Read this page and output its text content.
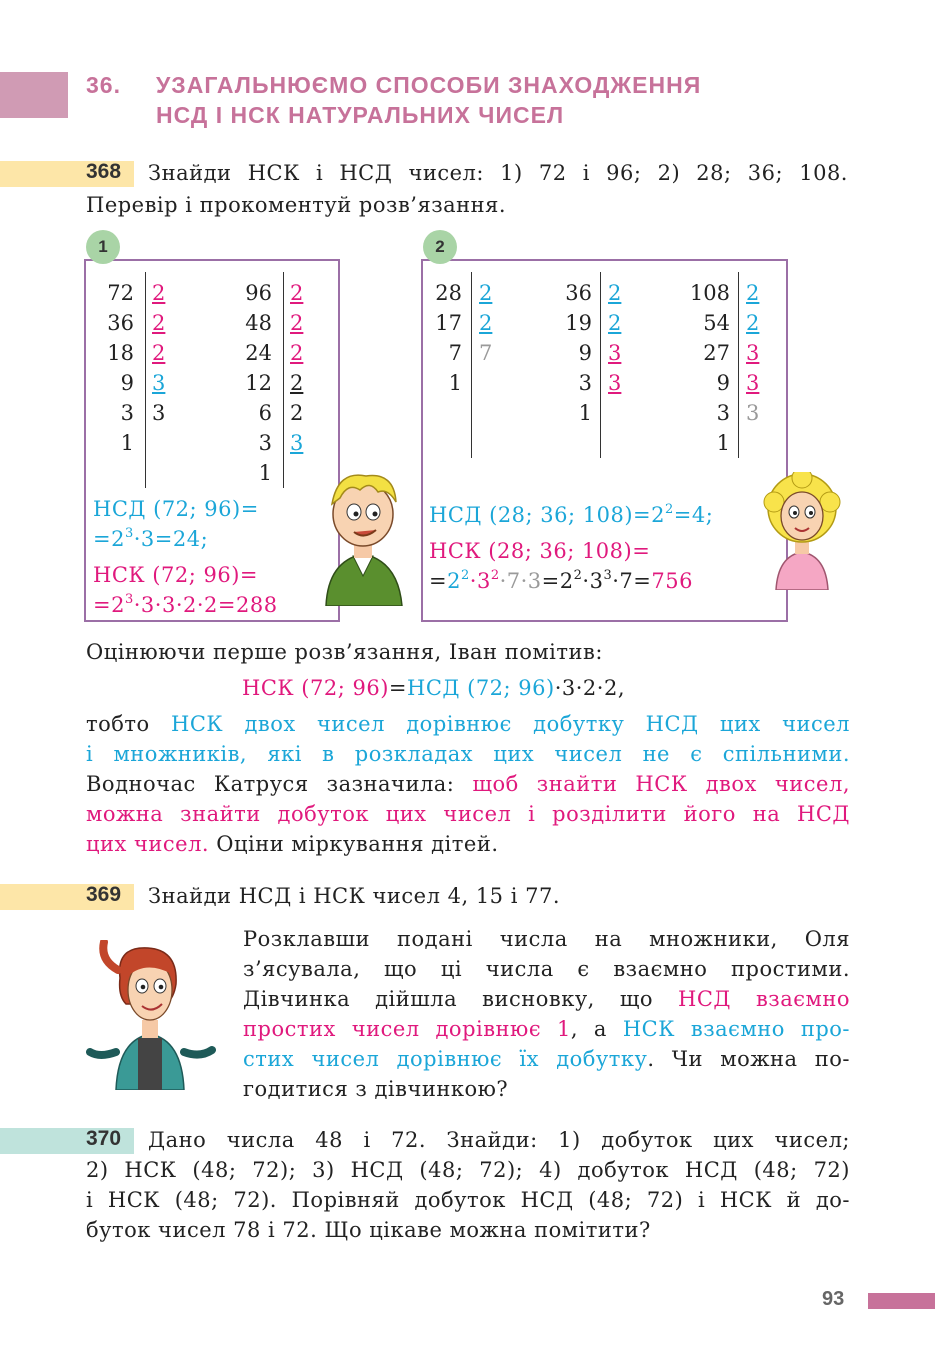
36. УЗАГАЛЬНЮЄМО СПОСОБИ ЗНАХОДЖЕННЯ
НСД І НСК НАТУРАЛЬНИХ ЧИСЕЛ
368 Знайди НСК і НСД чисел: 1) 72 і 96; 2) 28; 36; 108.
Перевір і прокоментуй розв’язання.
1
72
36
18
9
3
1
2
2
2
3
3
96
48
24
12
6
3
1
2
2
2
2
2
3
НСД (72; 96)=
$=2^3\cdot 3=24$;
НСК (72; 96)=
$=2^3\cdot 3\cdot 3\cdot 2\cdot 2=288$
2
28
17
7
1
2
2
7
36
19
9
3
1
2
2
3
3
108
54
27
9
3
1
2
2
3
3
3
НСД (28; 36; $108)=2^2=4$;
НСК (28; 36; 108)=
$=2^2\cdot 3^2\cdot 7\cdot 3=2^2\cdot 3^3\cdot 7=756$
Оцінюючи перше розв’язання, Іван помітив:
НСК (72; 96)=НСД (72; 96)·3·2·2,
тобто НСК двох чисел дорівнює добутку НСД цих чисел
і множників, які в розкладах цих чисел не є спільними.
Водночас Катруся зазначила: щоб знайти НСК двох чисел,
можна знайти добуток цих чисел і розділити його на НСД
цих чисел. Оціни міркування дітей.
369 Знайди НСД і НСК чисел 4, 15 і 77.
Розклавши подані числа на множники, Оля
з’ясувала, що ці числа є взаємно простими.
Дівчинка дійшла висновку, що НСД взаємно
простих чисел дорівнює 1, а НСК взаємно про-
стих чисел дорівнює їх добутку. Чи можна по-
годитися з дівчинкою?
370 Дано числа 48 і 72. Знайди: 1) добуток цих чисел;
2) НСК (48; 72); 3) НСД (48; 72); 4) добуток НСД (48; 72)
і НСК (48; 72). Порівняй добуток НСД (48; 72) і НСК й до-
буток чисел 78 і 72. Що цікаве можна помітити?
93
